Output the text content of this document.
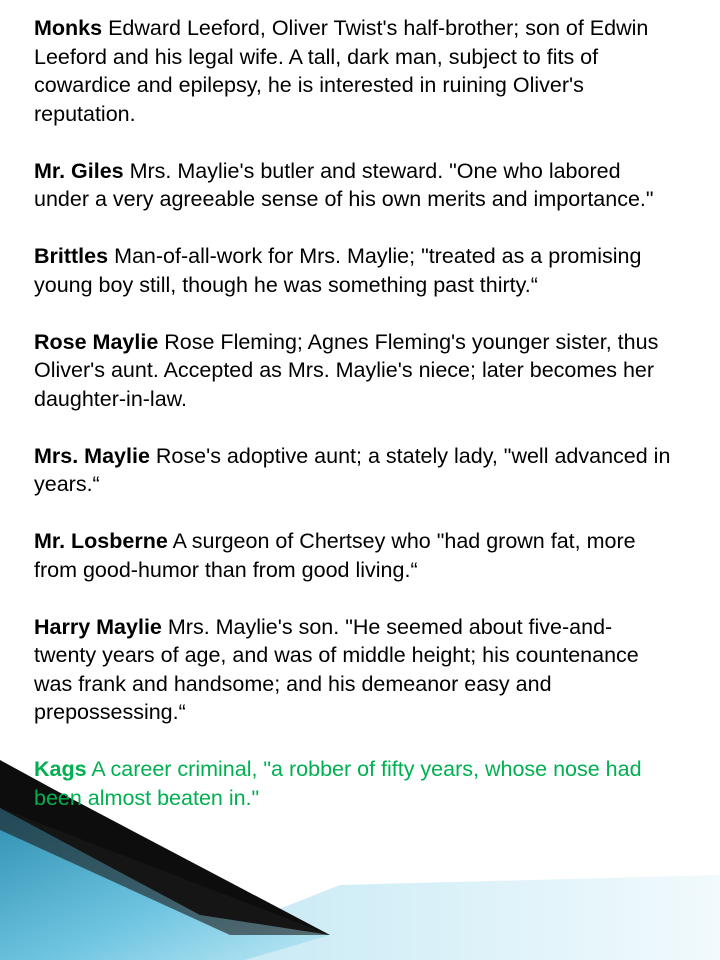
Monks Edward Leeford, Oliver Twist's half-brother; son of Edwin Leeford and his legal wife. A tall, dark man, subject to fits of cowardice and epilepsy, he is interested in ruining Oliver's reputation.

Mr. Giles Mrs. Maylie's butler and steward. "One who labored under a very agreeable sense of his own merits and importance."

Brittles Man-of-all-work for Mrs. Maylie; "treated as a promising young boy still, though he was something past thirty.“

Rose Maylie Rose Fleming; Agnes Fleming's younger sister, thus Oliver's aunt. Accepted as Mrs. Maylie's niece; later becomes her daughter-in-law.

Mrs. Maylie Rose's adoptive aunt; a stately lady, "well advanced in years.“

Mr. Losberne A surgeon of Chertsey who "had grown fat, more from good-humor than from good living.“

Harry Maylie Mrs. Maylie's son. "He seemed about five-and-twenty years of age, and was of middle height; his countenance was frank and handsome; and his demeanor easy and prepossessing.“

Kags A career criminal, "a robber of fifty years, whose nose had been almost beaten in."
